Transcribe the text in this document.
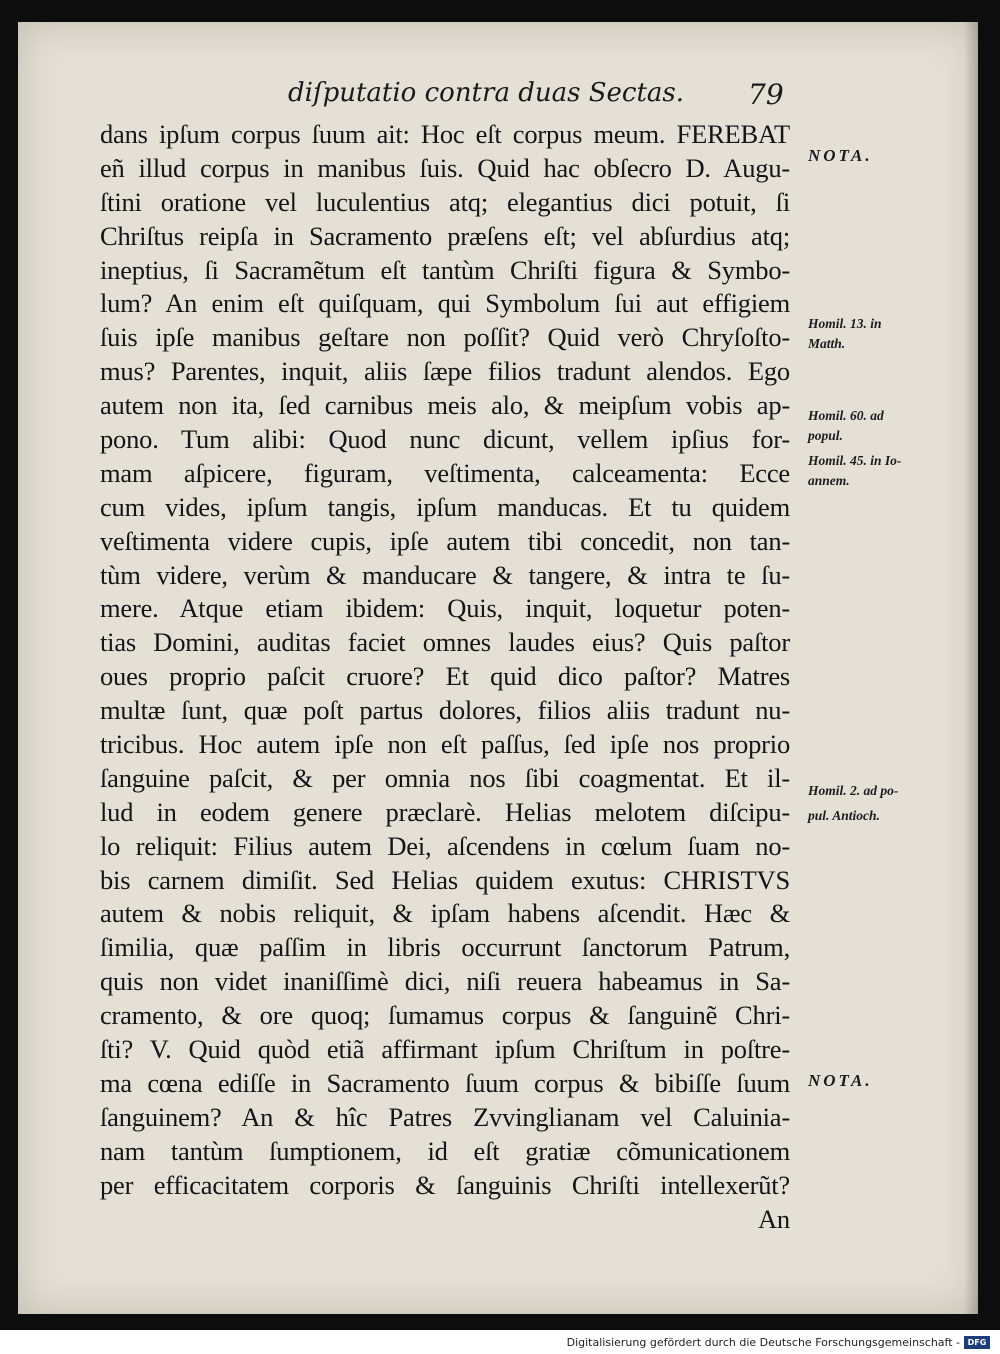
diſputatio contra duas Sectas. 79
dans ipſum corpus ſuum ait: Hoc eſt corpus meum. FEREBAT
eñ illud corpus in manibus ſuis. Quid hac obſecro D. Augu-
ſtini oratione vel luculentius atq; elegantius dici potuit, ſi
Chriſtus reipſa in Sacramento præſens eſt; vel abſurdius atq;
ineptius, ſi Sacramẽtum eſt tantùm Chriſti figura & Symbo-
lum? An enim eſt quiſquam, qui Symbolum ſui aut effigiem
ſuis ipſe manibus geſtare non poſſit? Quid verò Chryſoſto-
mus? Parentes, inquit, aliis ſæpe filios tradunt alendos. Ego
autem non ita, ſed carnibus meis alo, & meipſum vobis ap-
pono. Tum alibi: Quod nunc dicunt, vellem ipſius for-
mam aſpicere, figuram, veſtimenta, calceamenta: Ecce
cum vides, ipſum tangis, ipſum manducas. Et tu quidem
veſtimenta videre cupis, ipſe autem tibi concedit, non tan-
tùm videre, verùm & manducare & tangere, & intra te ſu-
mere. Atque etiam ibidem: Quis, inquit, loquetur poten-
tias Domini, auditas faciet omnes laudes eius? Quis paſtor
oues proprio paſcit cruore? Et quid dico paſtor? Matres
multæ ſunt, quæ poſt partus dolores, filios aliis tradunt nu-
tricibus. Hoc autem ipſe non eſt paſſus, ſed ipſe nos proprio
ſanguine paſcit, & per omnia nos ſibi coagmentat. Et il-
lud in eodem genere præclarè. Helias melotem diſcipu-
lo reliquit: Filius autem Dei, aſcendens in cœlum ſuam no-
bis carnem dimiſit. Sed Helias quidem exutus: CHRISTVS
autem & nobis reliquit, & ipſam habens aſcendit. Hæc &
ſimilia, quæ paſſim in libris occurrunt ſanctorum Patrum,
quis non videt inaniſſimè dici, niſi reuera habeamus in Sa-
cramento, & ore quoq; ſumamus corpus & ſanguinẽ Chri-
ſti? V. Quid quòd etiã affirmant ipſum Chriſtum in poſtre-
ma cœna ediſſe in Sacramento ſuum corpus & bibiſſe ſuum
ſanguinem? An & hîc Patres Zvvinglianam vel Caluinia-
nam tantùm ſumptionem, id eſt gratiæ cõmunicationem
per efficacitatem corporis & ſanguinis Chriſti intellexerũt?
An
NOTA.
Homil. 13. in
Matth.
Homil. 60. ad
popul.
Homil. 45. in Io-
annem.
Homil. 2. ad po-
pul. Antioch.
NOTA.
Digitalisierung gefördert durch die Deutsche Forschungsgemeinschaft - DFG
